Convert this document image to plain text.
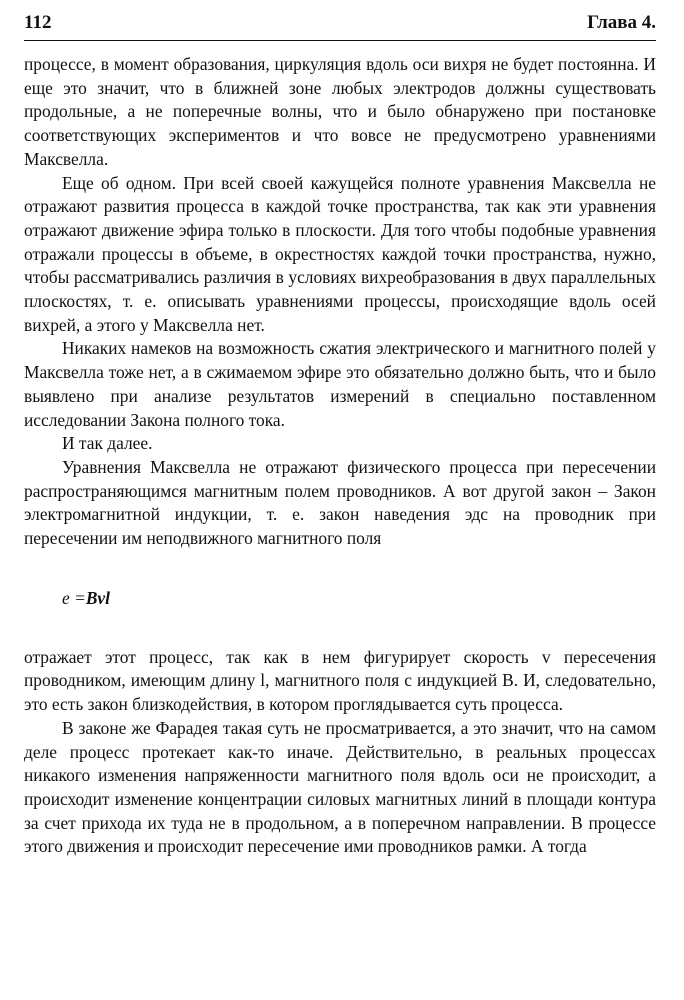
112	Глава 4.

процессе, в момент образования, циркуляция вдоль оси вихря не будет постоянна. И еще это значит, что в ближней зоне любых электродов должны существовать продольные, а не поперечные волны, что и было обнаружено при постановке соответствующих экспериментов и что вовсе не предусмотрено уравнениями Максвелла.

Еще об одном. При всей своей кажущейся полноте уравнения Максвелла не отражают развития процесса в каждой точке пространства, так как эти уравнения отражают движение эфира только в плоскости. Для того чтобы подобные уравнения отражали процессы в объеме, в окрестностях каждой точки пространства, нужно, чтобы рассматривались различия в условиях вихреобразования в двух параллельных плоскостях, т. е. описывать уравнениями процессы, происходящие вдоль осей вихрей, а этого у Максвелла нет.

Никаких намеков на возможность сжатия электрического и магнитного полей у Максвелла тоже нет, а в сжимаемом эфире это обязательно должно быть, что и было выявлено при анализе результатов измерений в специально поставленном исследовании Закона полного тока.

И так далее.

Уравнения Максвелла не отражают физического процесса при пересечении распространяющимся магнитным полем проводников. А вот другой закон – Закон электромагнитной индукции, т. е. закон наведения эдс на проводник при пересечении им неподвижного магнитного поля

e = Bvl

отражает этот процесс, так как в нем фигурирует скорость v пересечения проводником, имеющим длину l, магнитного поля с индукцией B. И, следовательно, это есть закон близкодействия, в котором проглядывается суть процесса.

В законе же Фарадея такая суть не просматривается, а это значит, что на самом деле процесс протекает как-то иначе. Действительно, в реальных процессах никакого изменения напряженности магнитного поля вдоль оси не происходит, а происходит изменение концентрации силовых магнитных линий в площади контура за счет прихода их туда не в продольном, а в поперечном направлении. В процессе этого движения и происходит пересечение ими проводников рамки. А тогда
